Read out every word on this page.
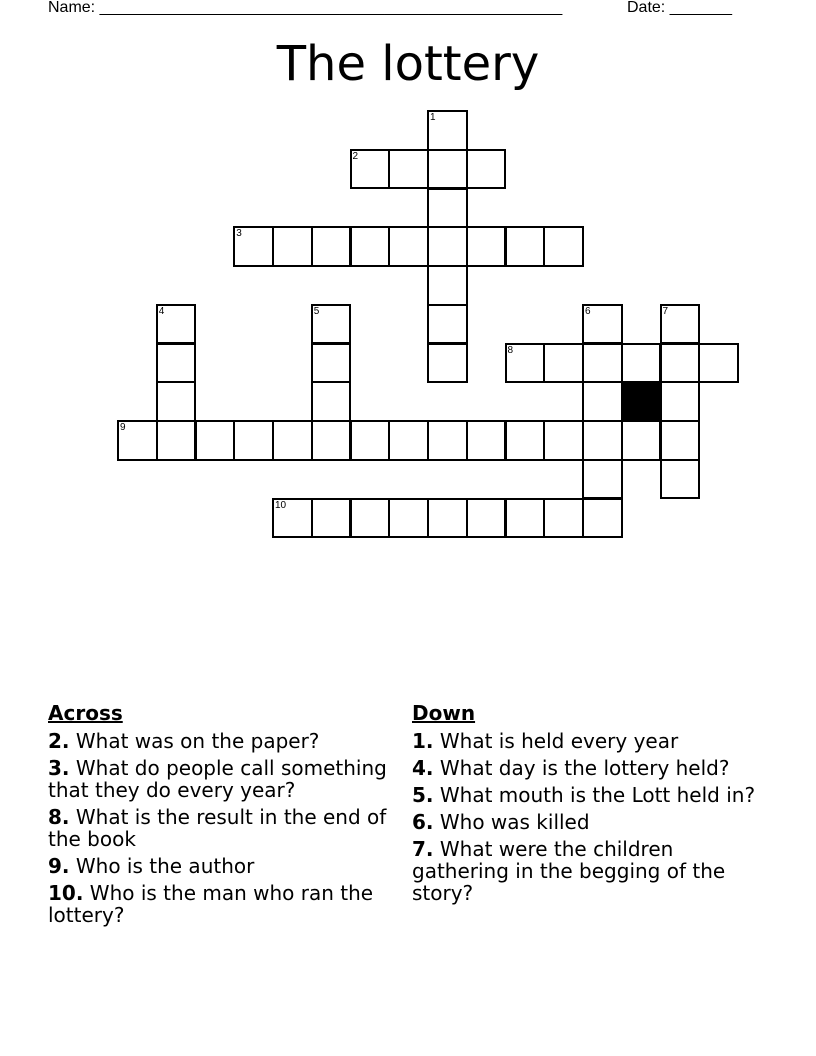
Name: ____________________________________________________	Date: _______
The lottery
1
2
3
4	5	6	7
8
9
10
Across
2. What was on the paper?
3. What do people call something that they do every year?
8. What is the result in the end of the book
9. Who is the author
10. Who is the man who ran the lottery?
Down
1. What is held every year
4. What day is the lottery held?
5. What mouth is the Lott held in?
6. Who was killed
7. What were the children gathering in the begging of the story?
